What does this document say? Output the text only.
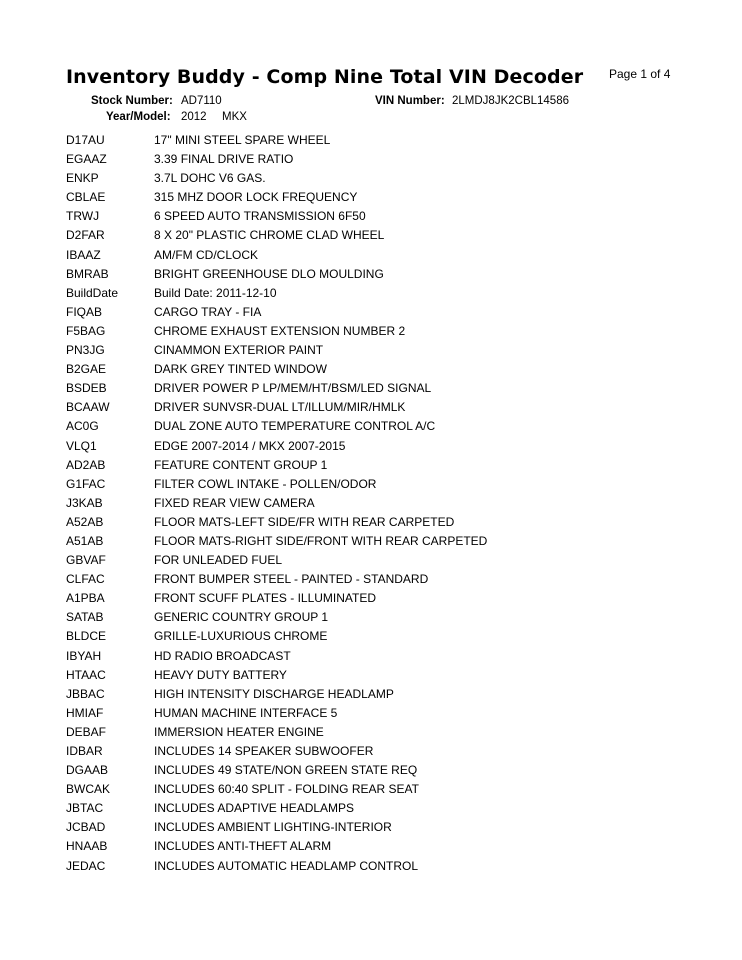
Inventory Buddy - Comp Nine Total VIN Decoder Page 1 of 4
Stock Number: AD7110	VIN Number: 2LMDJ8JK2CBL14586
Year/Model: 2012 MKX
D17AU	17" MINI STEEL SPARE WHEEL
EGAAZ	3.39 FINAL DRIVE RATIO
ENKP	3.7L DOHC V6 GAS.
CBLAE	315 MHZ DOOR LOCK FREQUENCY
TRWJ	6 SPEED AUTO TRANSMISSION 6F50
D2FAR	8 X 20" PLASTIC CHROME CLAD WHEEL
IBAAZ	AM/FM CD/CLOCK
BMRAB	BRIGHT GREENHOUSE DLO MOULDING
BuildDate	Build Date: 2011-12-10
FIQAB	CARGO TRAY - FIA
F5BAG	CHROME EXHAUST EXTENSION NUMBER 2
PN3JG	CINAMMON EXTERIOR PAINT
B2GAE	DARK GREY TINTED WINDOW
BSDEB	DRIVER POWER P LP/MEM/HT/BSM/LED SIGNAL
BCAAW	DRIVER SUNVSR-DUAL LT/ILLUM/MIR/HMLK
AC0G	DUAL ZONE AUTO TEMPERATURE CONTROL A/C
VLQ1	EDGE 2007-2014 / MKX 2007-2015
AD2AB	FEATURE CONTENT GROUP 1
G1FAC	FILTER COWL INTAKE - POLLEN/ODOR
J3KAB	FIXED REAR VIEW CAMERA
A52AB	FLOOR MATS-LEFT SIDE/FR WITH REAR CARPETED
A51AB	FLOOR MATS-RIGHT SIDE/FRONT WITH REAR CARPETED
GBVAF	FOR UNLEADED FUEL
CLFAC	FRONT BUMPER STEEL - PAINTED - STANDARD
A1PBA	FRONT SCUFF PLATES - ILLUMINATED
SATAB	GENERIC COUNTRY GROUP 1
BLDCE	GRILLE-LUXURIOUS CHROME
IBYAH	HD RADIO BROADCAST
HTAAC	HEAVY DUTY BATTERY
JBBAC	HIGH INTENSITY DISCHARGE HEADLAMP
HMIAF	HUMAN MACHINE INTERFACE 5
DEBAF	IMMERSION HEATER ENGINE
IDBAR	INCLUDES 14 SPEAKER SUBWOOFER
DGAAB	INCLUDES 49 STATE/NON GREEN STATE REQ
BWCAK	INCLUDES 60:40 SPLIT - FOLDING REAR SEAT
JBTAC	INCLUDES ADAPTIVE HEADLAMPS
JCBAD	INCLUDES AMBIENT LIGHTING-INTERIOR
HNAAB	INCLUDES ANTI-THEFT ALARM
JEDAC	INCLUDES AUTOMATIC HEADLAMP CONTROL
